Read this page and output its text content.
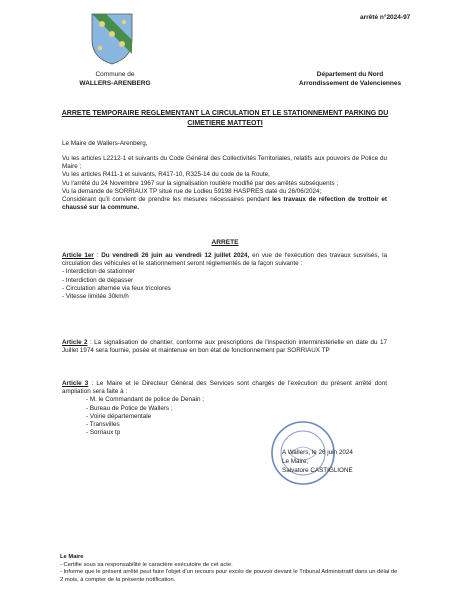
arrêté n°2024-97
Commune de
WALLERS-ARENBERG
Département du Nord
Arrondissement de Valenciennes
ARRETE TEMPORAIRE REGLEMENTANT LA CIRCULATION ET LE STATIONNEMENT PARKING DU CIMETIERE MATTEOTI
Le Maire de Wallers-Arenberg,

Vu les articles L2212-1 et suivants du Code Général des Collectivités Territoriales, relatifs aux pouvoirs de Police du Maire ;

Vu les articles R411-1 et suivants, R417-10, R325-14 du code de la Route,

Vu l'arrêté du 24 Novembre 1967 sur la signalisation routière modifié par des arrêtés subséquents ;

Vu la demande de SORRIAUX TP situé rue de Lodieu 59198 HASPRES daté du 26/06/2024;

Considérant qu'il convient de prendre les mesures nécessaires pendant les travaux de réfection de trottoir et chaussé sur la commune.

ARRETE

Article 1er : Du vendredi 26 juin au vendredi 12 juillet 2024, en vue de l'exécution des travaux susvisés, la circulation des véhicules et le stationnement seront réglementés de la façon suivante :

- Interdiction de stationner
- Interdiction de dépasser
- Circulation alternée via feux tricolores
- Vitesse limitée 30km/h

Article 2 : La signalisation de chantier, conforme aux prescriptions de l'inspection interministérielle en date du 17 Juillet 1974 sera fournie, posée et maintenue en bon état de fonctionnement par SORRIAUX TP

Article 3 : Le Maire et le Directeur Général des Services sont chargés de l'exécution du présent arrêté dont ampliation sera faite à :

- M. le Commandant de police de Denain ;
- Bureau de Police de Wallers ;
- Voirie départementale
- Transvilles
- Sorriaux tp
A Wallers, le 26 juin 2024
Le Maire,
Salvatore CASTIGLIONE

Le Maire

- Certifie sous sa responsabilité le caractère exécutoire de cet acte.

- Informe que le présent arrêté peut faire l'objet d'un recours pour excès de pouvoir devant le Tribunal Administratif dans un délai de 2 mois, à compter de la présente notification.
